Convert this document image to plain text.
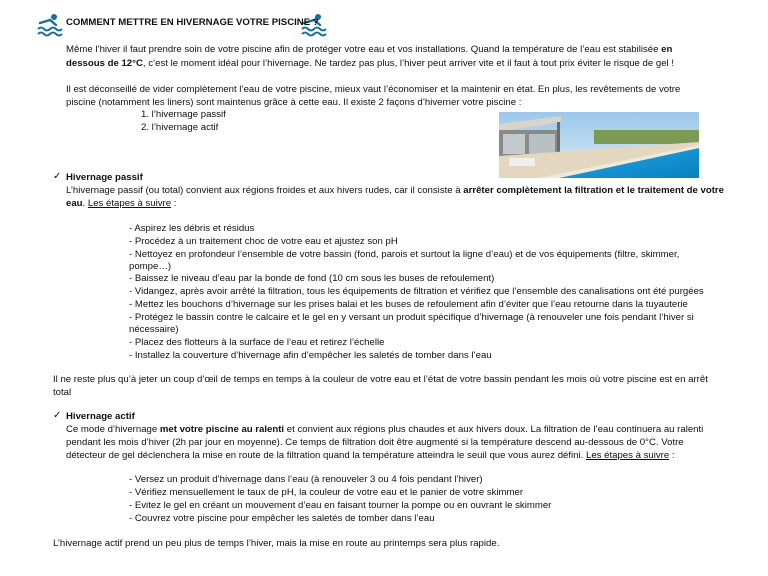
COMMENT METTRE EN HIVERNAGE VOTRE PISCINE ?
Même l’hiver il faut prendre soin de votre piscine afin de protéger votre eau et vos installations. Quand la température de l’eau est stabilisée en
dessous de 12°C, c’est le moment idéal pour l’hivernage. Ne tardez pas plus, l’hiver peut arriver vite et il faut à tout prix éviter le risque de gel !
Il est déconseillé de vider complètement l’eau de votre piscine, mieux vaut l’économiser et la maintenir en état. En plus, les revêtements de votre
piscine (notamment les liners) sont maintenus grâce à cette eau. Il existe 2 façons d’hiverner votre piscine :
1. l’hivernage passif
2. l’hivernage actif
✓ Hivernage passif
L’hivernage passif (ou total) convient aux régions froides et aux hivers rudes, car il consiste à arrêter complètement la filtration et le traitement de votre
eau. Les étapes à suivre :
- Aspirez les débris et résidus
- Procédez à un traitement choc de votre eau et ajustez son pH
- Nettoyez en profondeur l’ensemble de votre bassin (fond, parois et surtout la ligne d’eau) et de vos équipements (filtre, skimmer,
pompe…)
- Baissez le niveau d’eau par la bonde de fond (10 cm sous les buses de refoulement)
- Vidangez, après avoir arrêté la filtration, tous les équipements de filtration et vérifiez que l’ensemble des canalisations ont été purgées
- Mettez les bouchons d’hivernage sur les prises balai et les buses de refoulement afin d’éviter que l’eau retourne dans la tuyauterie
- Protégez le bassin contre le calcaire et le gel en y versant un produit spécifique d’hivernage (à renouveler une fois pendant l’hiver si
nécessaire)
- Placez des flotteurs à la surface de l’eau et retirez l’échelle
- Installez la couverture d’hivernage afin d’empêcher les saletés de tomber dans l’eau
Il ne reste plus qu’à jeter un coup d’œil de temps en temps à la couleur de votre eau et l’état de votre bassin pendant les mois où votre piscine est en arrêt
total
✓ Hivernage actif
Ce mode d’hivernage met votre piscine au ralenti et convient aux régions plus chaudes et aux hivers doux. La filtration de l’eau continuera au ralenti
pendant les mois d’hiver (2h par jour en moyenne). Ce temps de filtration doit être augmenté si la température descend au-dessous de 0°C. Votre
détecteur de gel déclenchera la mise en route de la filtration quand la température atteindra le seuil que vous aurez défini. Les étapes à suivre :
- Versez un produit d’hivernage dans l’eau (à renouveler 3 ou 4 fois pendant l’hiver)
- Vérifiez mensuellement le taux de pH, la couleur de votre eau et le panier de votre skimmer
- Evitez le gel en créant un mouvement d’eau en faisant tourner la pompe ou en ouvrant le skimmer
- Couvrez votre piscine pour empêcher les saletés de tomber dans l’eau
L’hivernage actif prend un peu plus de temps l’hiver, mais la mise en route au printemps sera plus rapide.
